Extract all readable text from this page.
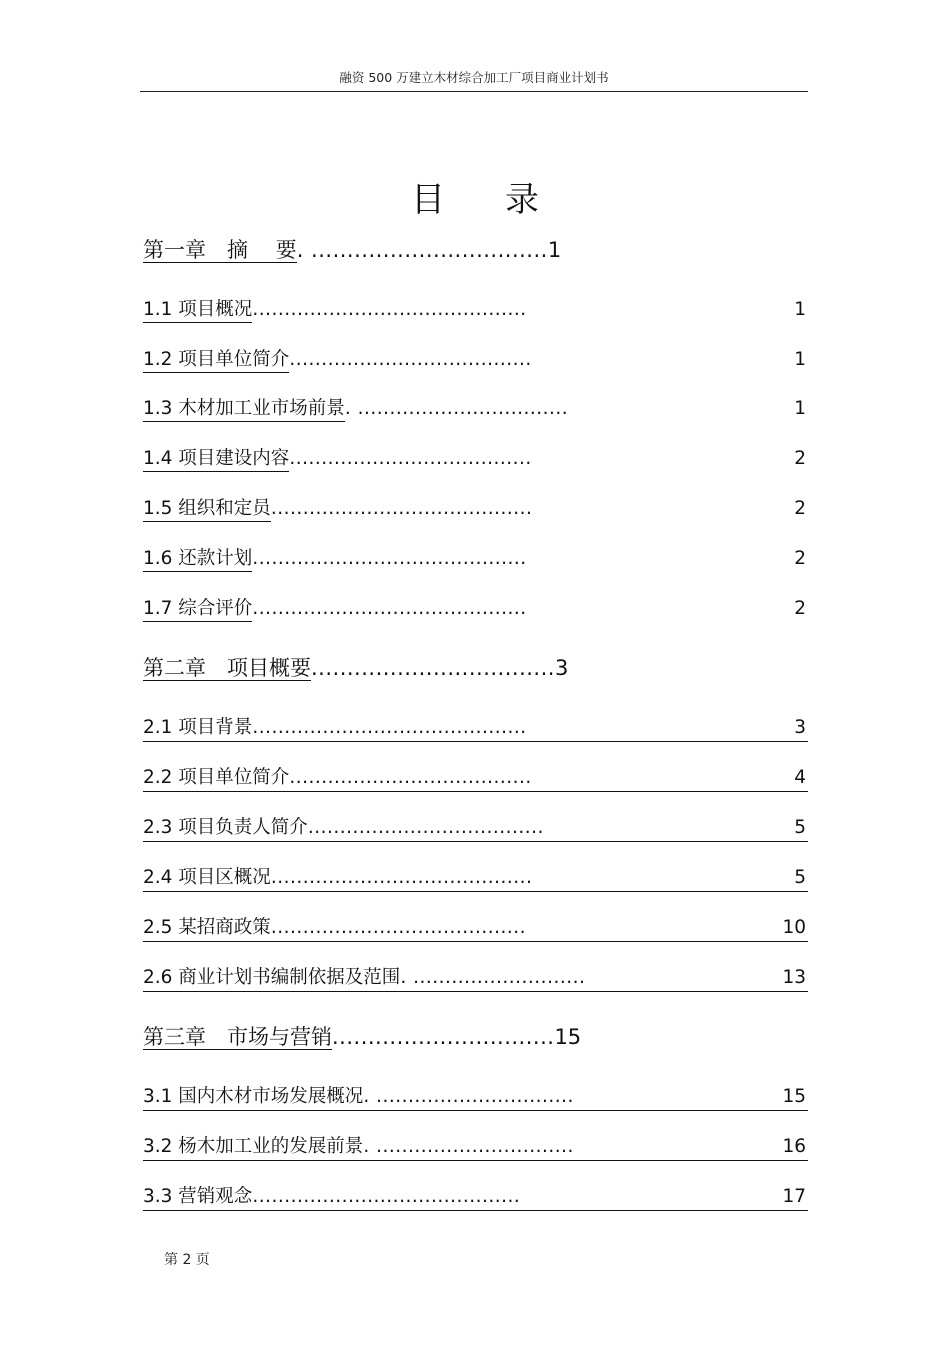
融资 500 万建立木材综合加工厂项目商业计划书
目录
第一章　摘　 要. .................................1
1.1 项目概况...........................................	1
1.2 项目单位简介......................................	1
1.3 木材加工业市场前景. .................................	1
1.4 项目建设内容......................................	2
1.5 组织和定员.........................................	2
1.6 还款计划...........................................	2
1.7 综合评价...........................................	2
第二章　项目概要..................................3
2.1 项目背景...........................................	3
2.2 项目单位简介......................................	4
2.3 项目负责人简介.....................................	5
2.4 项目区概况.........................................	5
2.5 某招商政策........................................	10
2.6 商业计划书编制依据及范围. ...........................	13
第三章　市场与营销...............................15
3.1 国内木材市场发展概况. ...............................	15
3.2 杨木加工业的发展前景. ...............................	16
3.3 营销观念..........................................	17
第 2 页
